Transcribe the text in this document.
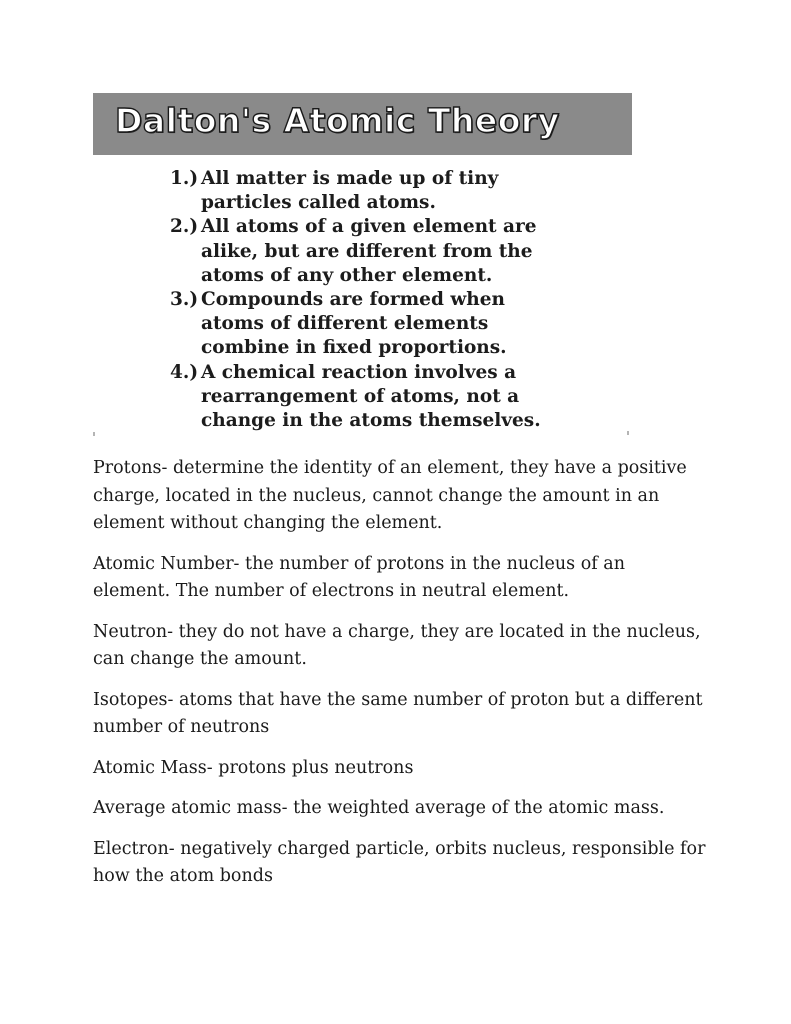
Dalton's Atomic Theory
1.) All matter is made up of tiny
particles called atoms.
2.) All atoms of a given element are
alike, but are different from the
atoms of any other element.
3.) Compounds are formed when
atoms of different elements
combine in fixed proportions.
4.) A chemical reaction involves a
rearrangement of atoms, not a
change in the atoms themselves.

Protons- determine the identity of an element, they have a positive
charge, located in the nucleus, cannot change the amount in an
element without changing the element.

Atomic Number- the number of protons in the nucleus of an
element. The number of electrons in neutral element.

Neutron- they do not have a charge, they are located in the nucleus,
can change the amount.

Isotopes- atoms that have the same number of proton but a different
number of neutrons

Atomic Mass- protons plus neutrons

Average atomic mass- the weighted average of the atomic mass.

Electron- negatively charged particle, orbits nucleus, responsible for
how the atom bonds
